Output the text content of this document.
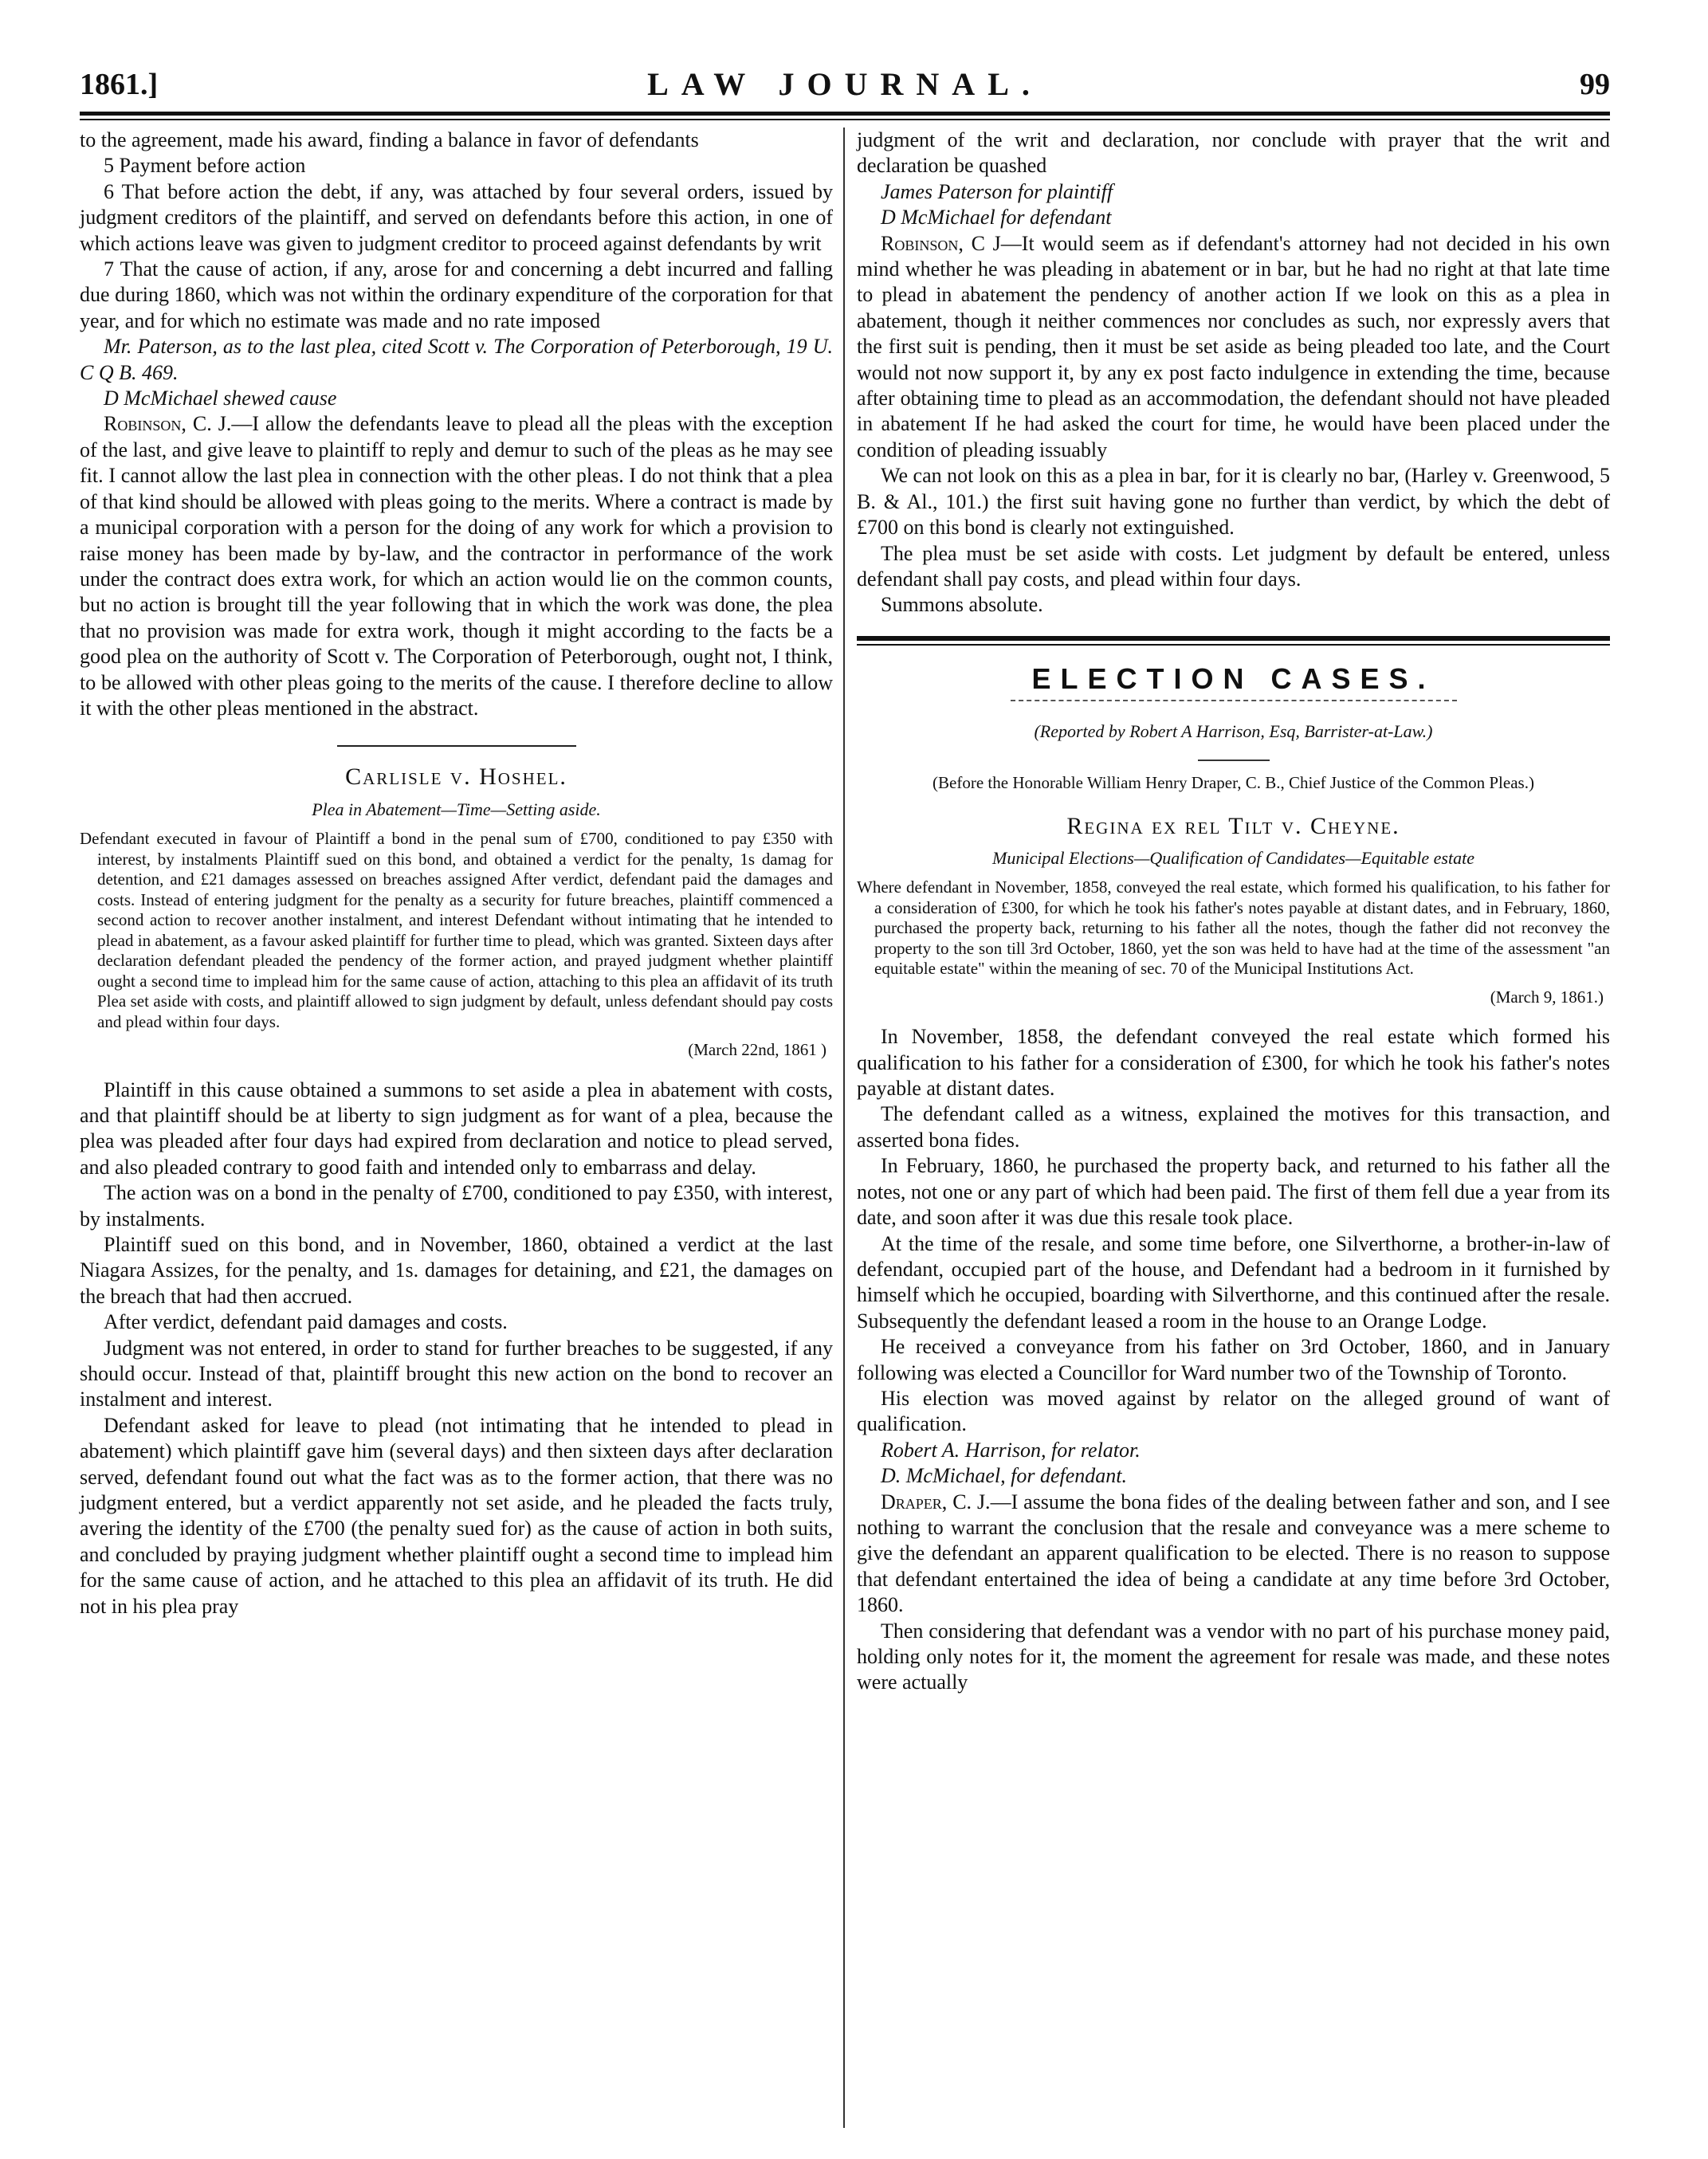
1861.]	LAW JOURNAL.	99

to the agreement, made his award, finding a balance in favor of defendants

5 Payment before action

6 That before action the debt, if any, was attached by four several orders, issued by judgment creditors of the plaintiff, and served on defendants before this action, in one of which actions leave was given to judgment creditor to proceed against defendants by writ

7 That the cause of action, if any, arose for and concerning a debt incurred and falling due during 1860, which was not within the ordinary expenditure of the corporation for that year, and for which no estimate was made and no rate imposed

Mr. Paterson, as to the last plea, cited Scott v. The Corporation of Peterborough, 19 U. C Q B. 469.

D McMichael shewed cause

Robinson, C. J.—I allow the defendants leave to plead all the pleas with the exception of the last, and give leave to plaintiff to reply and demur to such of the pleas as he may see fit. I cannot allow the last plea in connection with the other pleas. I do not think that a plea of that kind should be allowed with pleas going to the merits. Where a contract is made by a municipal corporation with a person for the doing of any work for which a provision to raise money has been made by by-law, and the contractor in performance of the work under the contract does extra work, for which an action would lie on the common counts, but no action is brought till the year following that in which the work was done, the plea that no provision was made for extra work, though it might according to the facts be a good plea on the authority of Scott v. The Corporation of Peterborough, ought not, I think, to be allowed with other pleas going to the merits of the cause. I therefore decline to allow it with the other pleas mentioned in the abstract.

Carlisle v. Hoshel.

Plea in Abatement—Time—Setting aside.

Defendant executed in favour of Plaintiff a bond in the penal sum of £700, conditioned to pay £350 with interest, by instalments Plaintiff sued on this bond, and obtained a verdict for the penalty, 1s damag for detention, and £21 damages assessed on breaches assigned After verdict, defendant paid the damages and costs. Instead of entering judgment for the penalty as a security for future breaches, plaintiff commenced a second action to recover another instalment, and interest Defendant without intimating that he intended to plead in abatement, as a favour asked plaintiff for further time to plead, which was granted. Sixteen days after declaration defendant pleaded the pendency of the former action, and prayed judgment whether plaintiff ought a second time to implead him for the same cause of action, attaching to this plea an affidavit of its truth Plea set aside with costs, and plaintiff allowed to sign judgment by default, unless defendant should pay costs and plead within four days.

(March 22nd, 1861 )

Plaintiff in this cause obtained a summons to set aside a plea in abatement with costs, and that plaintiff should be at liberty to sign judgment as for want of a plea, because the plea was pleaded after four days had expired from declaration and notice to plead served, and also pleaded contrary to good faith and intended only to embarrass and delay.

The action was on a bond in the penalty of £700, conditioned to pay £350, with interest, by instalments.

Plaintiff sued on this bond, and in November, 1860, obtained a verdict at the last Niagara Assizes, for the penalty, and 1s. damages for detaining, and £21, the damages on the breach that had then accrued.

After verdict, defendant paid damages and costs.

Judgment was not entered, in order to stand for further breaches to be suggested, if any should occur. Instead of that, plaintiff brought this new action on the bond to recover an instalment and interest.

Defendant asked for leave to plead (not intimating that he intended to plead in abatement) which plaintiff gave him (several days) and then sixteen days after declaration served, defendant found out what the fact was as to the former action, that there was no judgment entered, but a verdict apparently not set aside, and he pleaded the facts truly, avering the identity of the £700 (the penalty sued for) as the cause of action in both suits, and concluded by praying judgment whether plaintiff ought a second time to implead him for the same cause of action, and he attached to this plea an affidavit of its truth. He did not in his plea pray

judgment of the writ and declaration, nor conclude with prayer that the writ and declaration be quashed

James Paterson for plaintiff

D McMichael for defendant

Robinson, C J—It would seem as if defendant's attorney had not decided in his own mind whether he was pleading in abatement or in bar, but he had no right at that late time to plead in abatement the pendency of another action If we look on this as a plea in abatement, though it neither commences nor concludes as such, nor expressly avers that the first suit is pending, then it must be set aside as being pleaded too late, and the Court would not now support it, by any ex post facto indulgence in extending the time, because after obtaining time to plead as an accommodation, the defendant should not have pleaded in abatement If he had asked the court for time, he would have been placed under the condition of pleading issuably

We can not look on this as a plea in bar, for it is clearly no bar, (Harley v. Greenwood, 5 B. & Al., 101.) the first suit having gone no further than verdict, by which the debt of £700 on this bond is clearly not extinguished.

The plea must be set aside with costs. Let judgment by default be entered, unless defendant shall pay costs, and plead within four days.

Summons absolute.

ELECTION CASES.

(Reported by Robert A Harrison, Esq, Barrister-at-Law.)

(Before the Honorable William Henry Draper, C. B., Chief Justice of the Common Pleas.)

Regina ex rel Tilt v. Cheyne.

Municipal Elections—Qualification of Candidates—Equitable estate

Where defendant in November, 1858, conveyed the real estate, which formed his qualification, to his father for a consideration of £300, for which he took his father's notes payable at distant dates, and in February, 1860, purchased the property back, returning to his father all the notes, though the father did not reconvey the property to the son till 3rd October, 1860, yet the son was held to have had at the time of the assessment "an equitable estate" within the meaning of sec. 70 of the Municipal Institutions Act.

(March 9, 1861.)

In November, 1858, the defendant conveyed the real estate which formed his qualification to his father for a consideration of £300, for which he took his father's notes payable at distant dates.

The defendant called as a witness, explained the motives for this transaction, and asserted bona fides.

In February, 1860, he purchased the property back, and returned to his father all the notes, not one or any part of which had been paid. The first of them fell due a year from its date, and soon after it was due this resale took place.

At the time of the resale, and some time before, one Silverthorne, a brother-in-law of defendant, occupied part of the house, and Defendant had a bedroom in it furnished by himself which he occupied, boarding with Silverthorne, and this continued after the resale. Subsequently the defendant leased a room in the house to an Orange Lodge.

He received a conveyance from his father on 3rd October, 1860, and in January following was elected a Councillor for Ward number two of the Township of Toronto.

His election was moved against by relator on the alleged ground of want of qualification.

Robert A. Harrison, for relator.

D. McMichael, for defendant.

Draper, C. J.—I assume the bona fides of the dealing between father and son, and I see nothing to warrant the conclusion that the resale and conveyance was a mere scheme to give the defendant an apparent qualification to be elected. There is no reason to suppose that defendant entertained the idea of being a candidate at any time before 3rd October, 1860.

Then considering that defendant was a vendor with no part of his purchase money paid, holding only notes for it, the moment the agreement for resale was made, and these notes were actually
